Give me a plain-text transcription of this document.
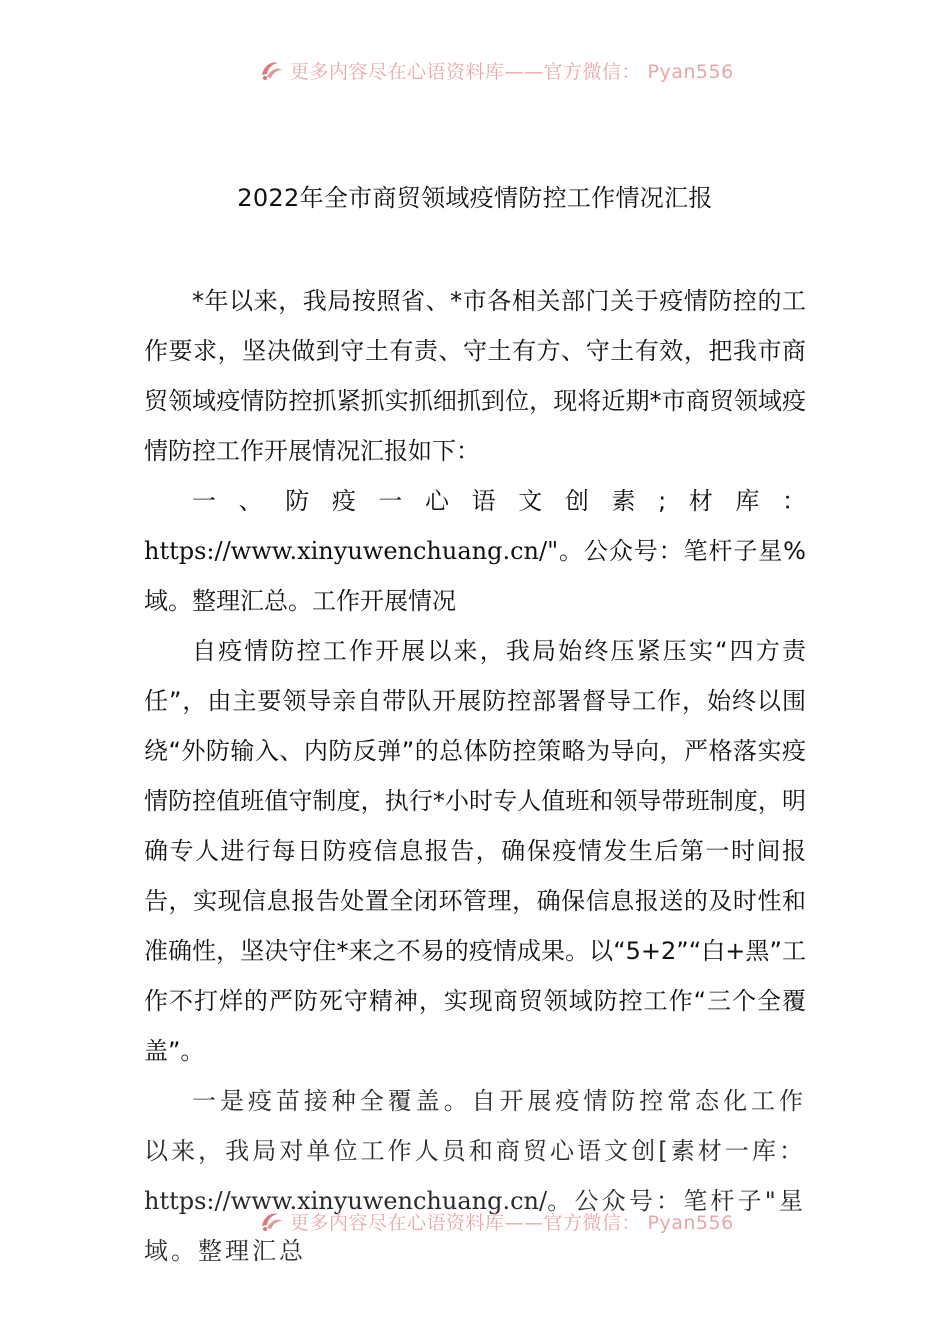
更多内容尽在心语资料库——官方微信： Pyan556
2022年全市商贸领域疫情防控工作情况汇报

*年以来，我局按照省、*市各相关部门关于疫情防控的工作要求，坚决做到守土有责、守土有方、守土有效，把我市商贸领域疫情防控抓紧抓实抓细抓到位，现将近期*市商贸领域疫情防控工作开展情况汇报如下：

一、防疫一心语文创素;材库：https://www.xinyuwenchuang.cn/"。公众号：笔杆子星%域。整理汇总。工作开展情况

自疫情防控工作开展以来，我局始终压紧压实“四方责任”，由主要领导亲自带队开展防控部署督导工作，始终以围绕“外防输入、内防反弹”的总体防控策略为导向，严格落实疫情防控值班值守制度，执行*小时专人值班和领导带班制度，明确专人进行每日防疫信息报告，确保疫情发生后第一时间报告，实现信息报告处置全闭环管理，确保信息报送的及时性和准确性，坚决守住*来之不易的疫情成果。以“5+2”“白+黑”工作不打烊的严防死守精神，实现商贸领域防控工作“三个全覆盖”。

一是疫苗接种全覆盖。自开展疫情防控常态化工作以来，我局对单位工作人员和商贸心语文创[素材一库：https://www.xinyuwenchuang.cn/。公众号：笔杆子"星域。整理汇总

更多内容尽在心语资料库——官方微信： Pyan556
